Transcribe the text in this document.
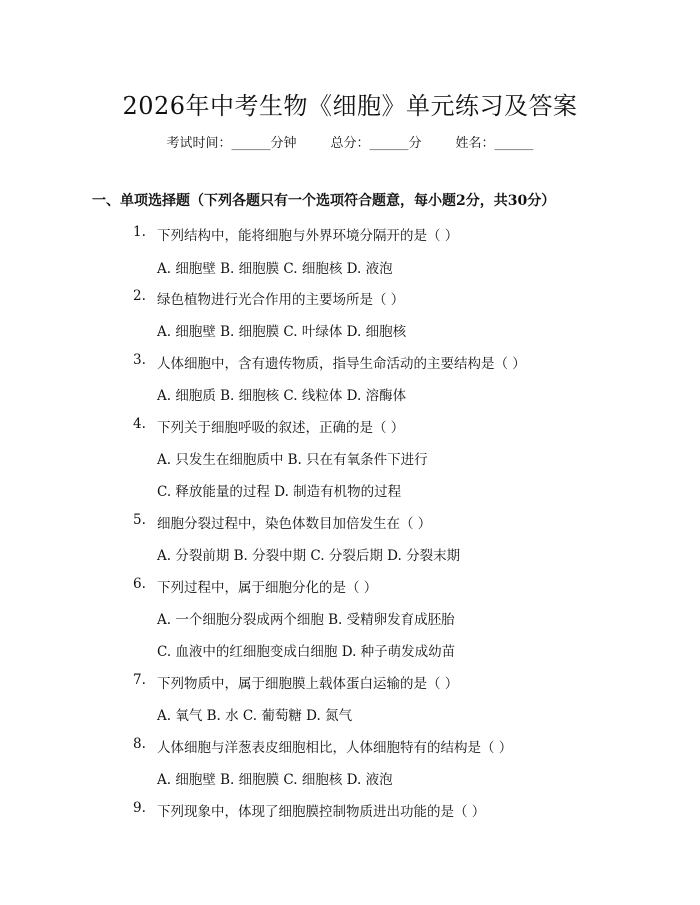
2026年中考生物《细胞》单元练习及答案
考试时间：______分钟	总分：______分	姓名：______
一、单项选择题（下列各题只有一个选项符合题意，每小题2分，共30分）
1. 下列结构中，能将细胞与外界环境分隔开的是（ ）
A. 细胞壁 B. 细胞膜 C. 细胞核 D. 液泡
2. 绿色植物进行光合作用的主要场所是（ ）
A. 细胞壁 B. 细胞膜 C. 叶绿体 D. 细胞核
3. 人体细胞中，含有遗传物质，指导生命活动的主要结构是（ ）
A. 细胞质 B. 细胞核 C. 线粒体 D. 溶酶体
4. 下列关于细胞呼吸的叙述，正确的是（ ）
A. 只发生在细胞质中 B. 只在有氧条件下进行
C. 释放能量的过程 D. 制造有机物的过程
5. 细胞分裂过程中，染色体数目加倍发生在（ ）
A. 分裂前期 B. 分裂中期 C. 分裂后期 D. 分裂末期
6. 下列过程中，属于细胞分化的是（ ）
A. 一个细胞分裂成两个细胞 B. 受精卵发育成胚胎
C. 血液中的红细胞变成白细胞 D. 种子萌发成幼苗
7. 下列物质中，属于细胞膜上载体蛋白运输的是（ ）
A. 氧气 B. 水 C. 葡萄糖 D. 氮气
8. 人体细胞与洋葱表皮细胞相比，人体细胞特有的结构是（ ）
A. 细胞壁 B. 细胞膜 C. 细胞核 D. 液泡
9. 下列现象中，体现了细胞膜控制物质进出功能的是（ ）
